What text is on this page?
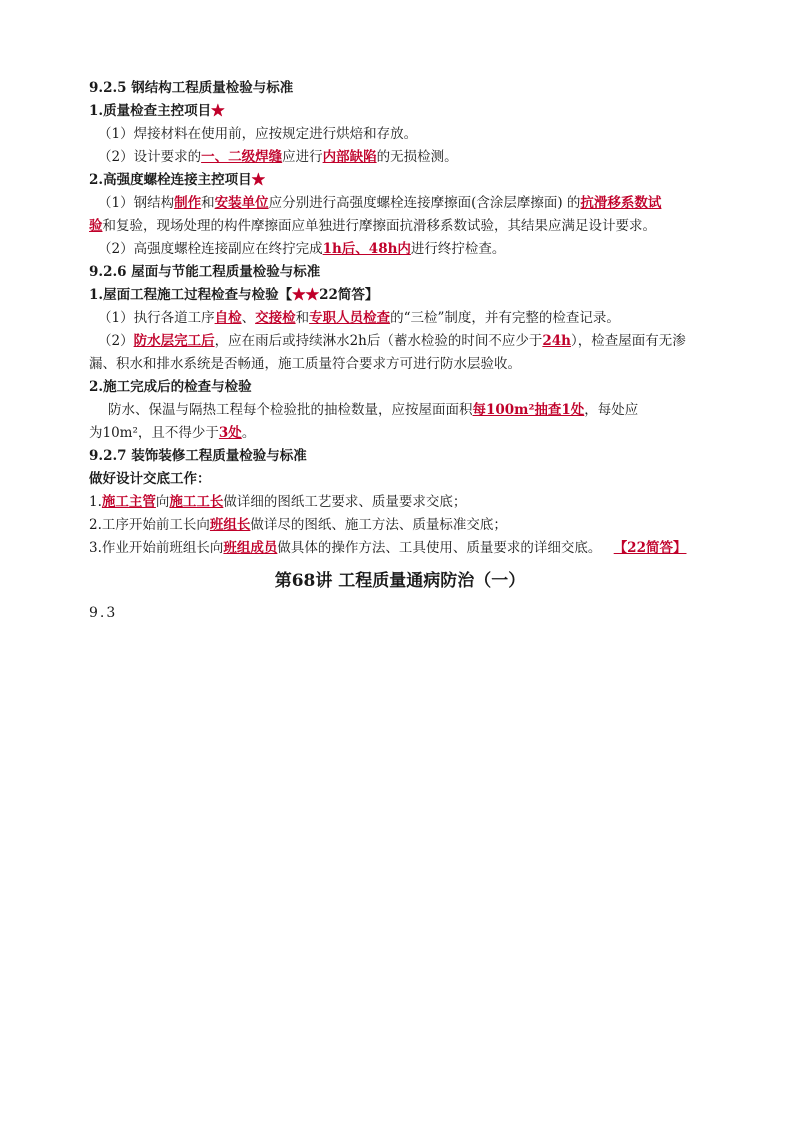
9.2.5 钢结构工程质量检验与标准
1.质量检查主控项目★
（1）焊接材料在使用前，应按规定进行烘焙和存放。
（2）设计要求的一、二级焊缝应进行内部缺陷的无损检测。
2.高强度螺栓连接主控项目★
（1）钢结构制作和安装单位应分别进行高强度螺栓连接摩擦面(含涂层摩擦面) 的抗滑移系数试
验和复验，现场处理的构件摩擦面应单独进行摩擦面抗滑移系数试验，其结果应满足设计要求。
（2）高强度螺栓连接副应在终拧完成1h后、48h内进行终拧检查。
9.2.6 屋面与节能工程质量检验与标准
1.屋面工程施工过程检查与检验【★★22简答】
（1）执行各道工序自检、交接检和专职人员检查的“三检”制度，并有完整的检查记录。
（2）防水层完工后，应在雨后或持续淋水2h后（蓄水检验的时间不应少于24h），检查屋面有无渗
漏、积水和排水系统是否畅通，施工质量符合要求方可进行防水层验收。
2.施工完成后的检查与检验
防水、保温与隔热工程每个检验批的抽检数量，应按屋面面积每100m²抽查1处，每处应
为10m²，且不得少于3处。
9.2.7 装饰装修工程质量检验与标准
做好设计交底工作：
1.施工主管向施工工长做详细的图纸工艺要求、质量要求交底；
2.工序开始前工长向班组长做详尽的图纸、施工方法、质量标准交底；
3.作业开始前班组长向班组成员做具体的操作方法、工具使用、质量要求的详细交底。 【22简答】
第68讲 工程质量通病防治（一）
9.3
